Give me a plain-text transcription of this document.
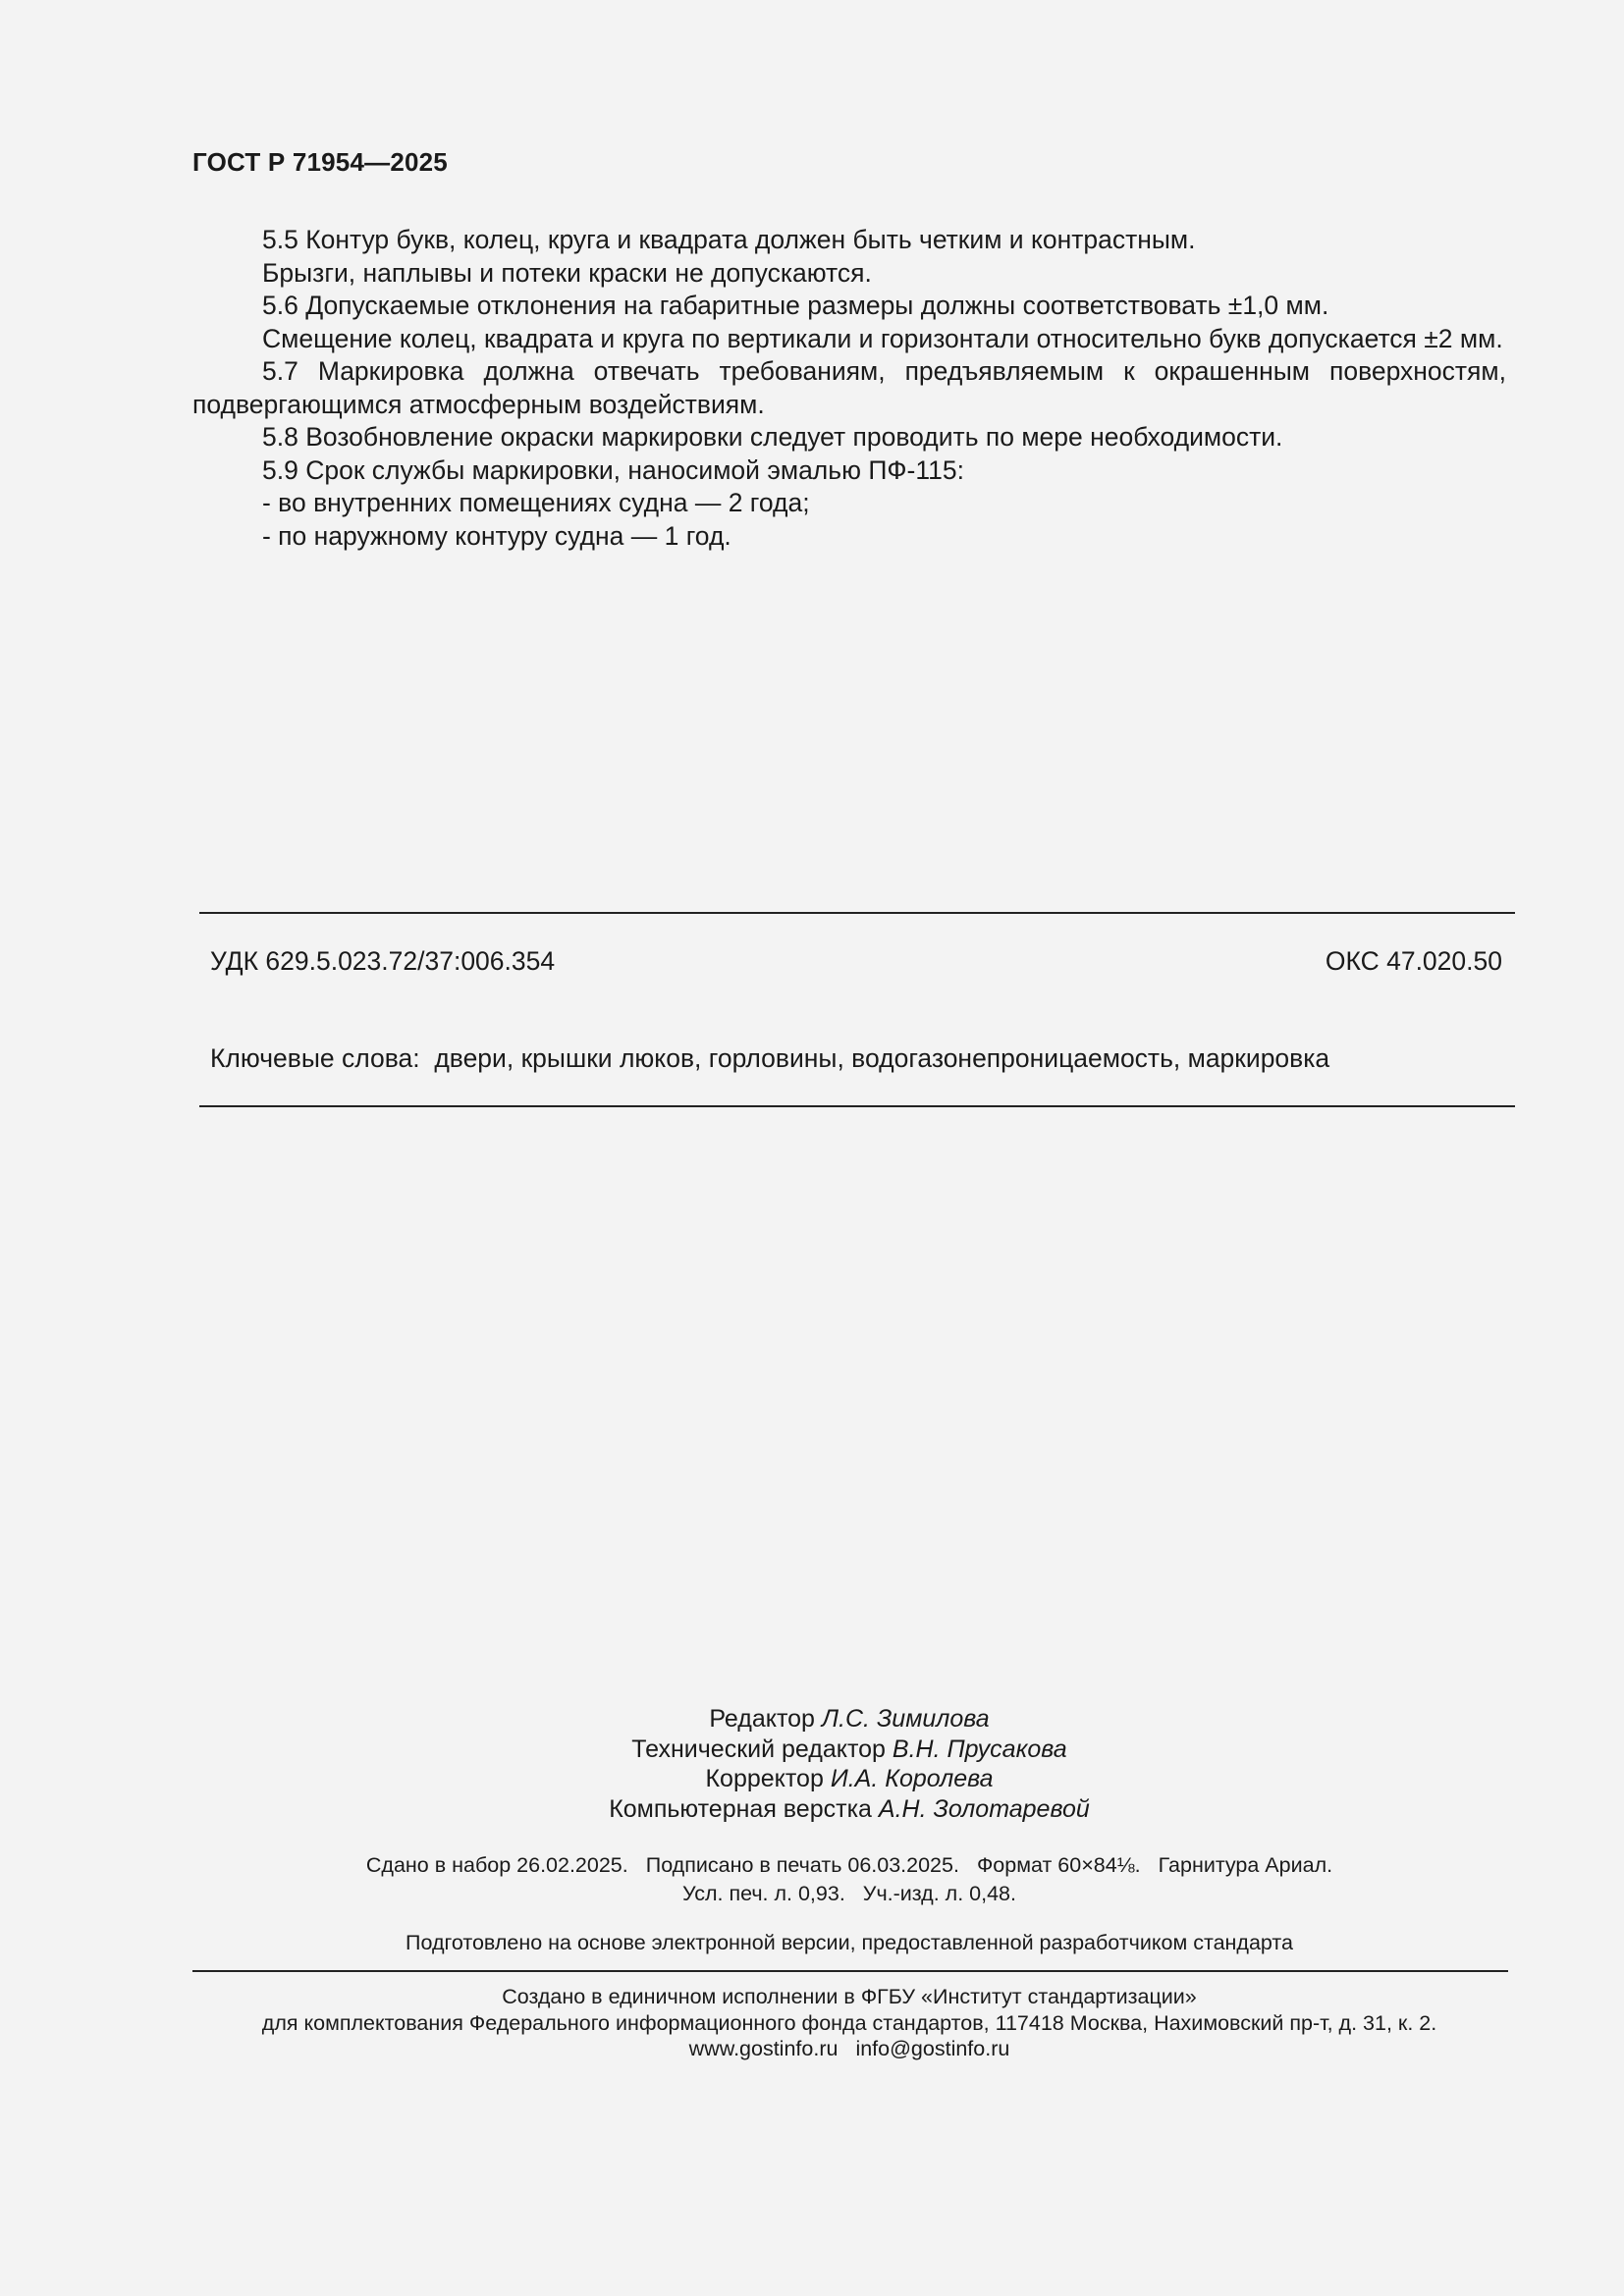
ГОСТ Р 71954—2025

5.5 Контур букв, колец, круга и квадрата должен быть четким и контрастным.

Брызги, наплывы и потеки краски не допускаются.

5.6 Допускаемые отклонения на габаритные размеры должны соответствовать ±1,0 мм.

Смещение колец, квадрата и круга по вертикали и горизонтали относительно букв допускается ±2 мм.

5.7 Маркировка должна отвечать требованиям, предъявляемым к окрашенным поверхностям, подвергающимся атмосферным воздействиям.

5.8 Возобновление окраски маркировки следует проводить по мере необходимости.

5.9 Срок службы маркировки, наносимой эмалью ПФ-115:

- во внутренних помещениях судна — 2 года;

- по наружному контуру судна — 1 год.

УДК 629.5.023.72/37:006.354	ОКС 47.020.50
Ключевые слова: двери, крышки люков, горловины, водогазонепроницаемость, маркировка
Редактор Л.С. Зимилова
Технический редактор В.Н. Прусакова
Корректор И.А. Королева
Компьютерная верстка А.Н. Золотаревой
Сдано в набор 26.02.2025. Подписано в печать 06.03.2025. Формат 60×84⅛. Гарнитура Ариал.
Усл. печ. л. 0,93. Уч.-изд. л. 0,48.
Подготовлено на основе электронной версии, предоставленной разработчиком стандарта
Создано в единичном исполнении в ФГБУ «Институт стандартизации»
для комплектования Федерального информационного фонда стандартов, 117418 Москва, Нахимовский пр-т, д. 31, к. 2.
www.gostinfo.ru info@gostinfo.ru
